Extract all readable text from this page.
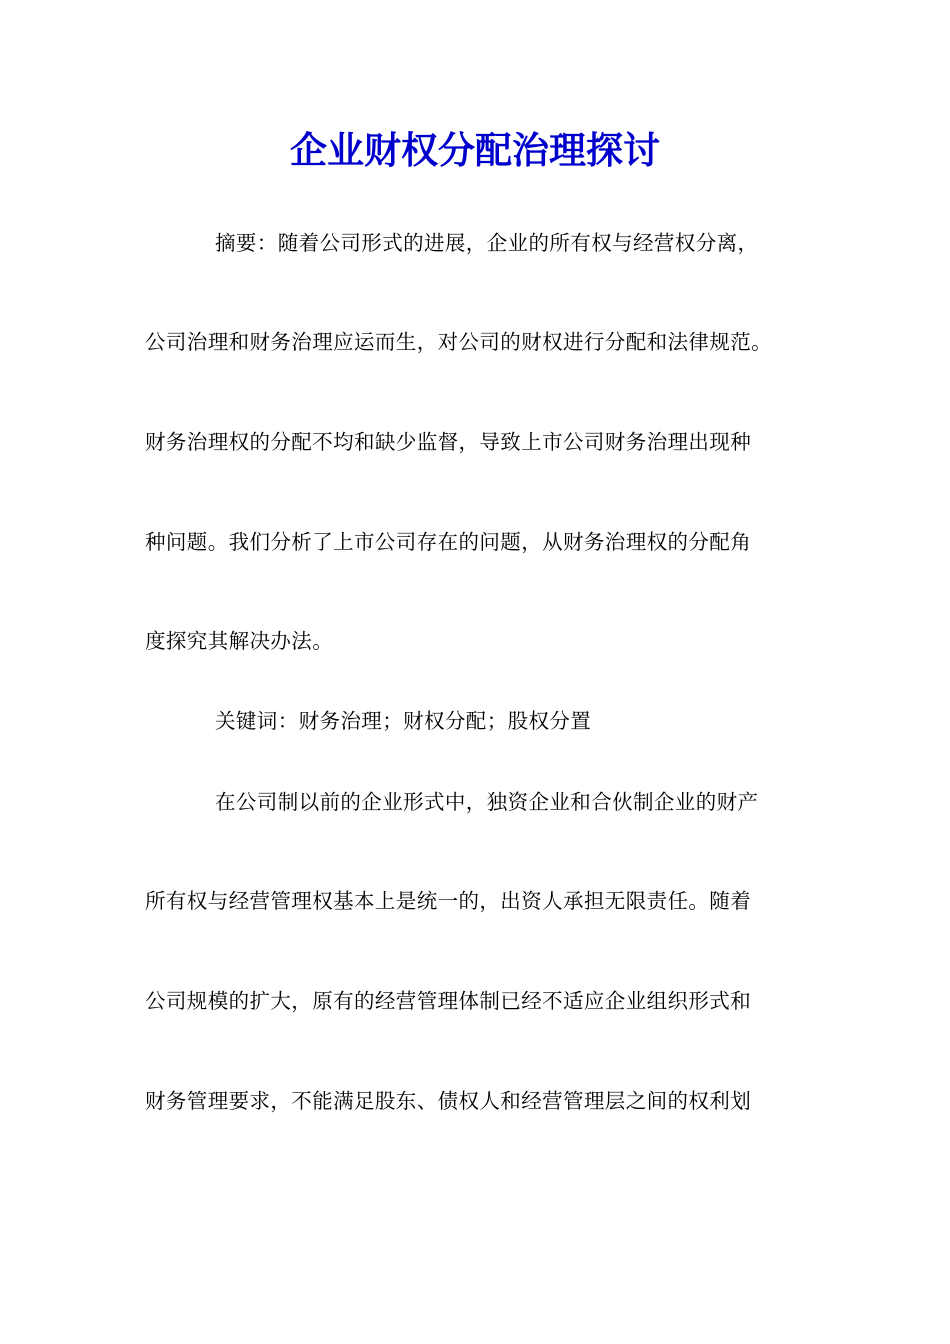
企业财权分配治理探讨
摘要：随着公司形式的进展，企业的所有权与经营权分离，
公司治理和财务治理应运而生，对公司的财权进行分配和法律规范。
财务治理权的分配不均和缺少监督，导致上市公司财务治理出现种
种问题。我们分析了上市公司存在的问题，从财务治理权的分配角
度探究其解决办法。
关键词：财务治理；财权分配；股权分置
在公司制以前的企业形式中，独资企业和合伙制企业的财产
所有权与经营管理权基本上是统一的，出资人承担无限责任。随着
公司规模的扩大，原有的经营管理体制已经不适应企业组织形式和
财务管理要求，不能满足股东、债权人和经营管理层之间的权利划
